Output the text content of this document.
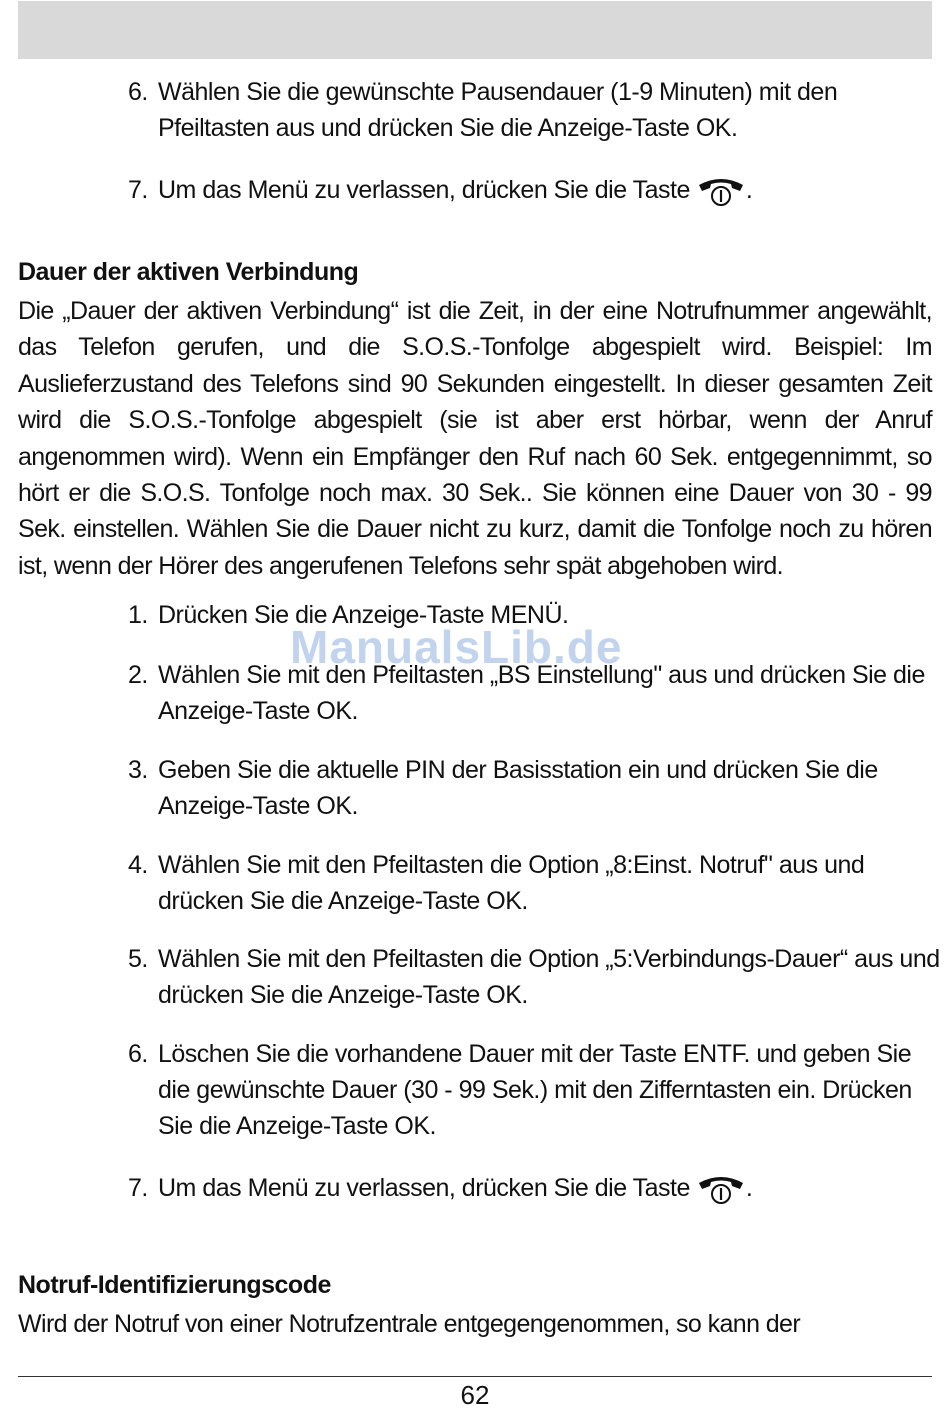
6. Wählen Sie die gewünschte Pausendauer (1-9 Minuten) mit den Pfeiltasten aus und drücken Sie die Anzeige-Taste OK.
7. Um das Menü zu verlassen, drücken Sie die Taste .
Dauer der aktiven Verbindung
Die „Dauer der aktiven Verbindung“ ist die Zeit, in der eine Notrufnummer angewählt, das Telefon gerufen, und die S.O.S.-Tonfolge abgespielt wird. Beispiel: Im Auslieferzustand des Telefons sind 90 Sekunden eingestellt. In dieser gesamten Zeit wird die S.O.S.-Tonfolge abgespielt (sie ist aber erst hörbar, wenn der Anruf angenommen wird). Wenn ein Empfänger den Ruf nach 60 Sek. entgegennimmt, so hört er die S.O.S. Tonfolge noch max. 30 Sek.. Sie können eine Dauer von 30 - 99 Sek. einstellen. Wählen Sie die Dauer nicht zu kurz, damit die Tonfolge noch zu hören ist, wenn der Hörer des angerufenen Telefons sehr spät abgehoben wird.
1. Drücken Sie die Anzeige-Taste MENÜ.
2. Wählen Sie mit den Pfeiltasten „BS Einstellung" aus und drücken Sie die Anzeige-Taste OK.
3. Geben Sie die aktuelle PIN der Basisstation ein und drücken Sie die Anzeige-Taste OK.
4. Wählen Sie mit den Pfeiltasten die Option „8:Einst. Notruf" aus und drücken Sie die Anzeige-Taste OK.
5. Wählen Sie mit den Pfeiltasten die Option „5:Verbindungs-Dauer“ aus und drücken Sie die Anzeige-Taste OK.
6. Löschen Sie die vorhandene Dauer mit der Taste ENTF. und geben Sie die gewünschte Dauer (30 - 99 Sek.) mit den Zifferntasten ein. Drücken Sie die Anzeige-Taste OK.
7. Um das Menü zu verlassen, drücken Sie die Taste .
Notruf-Identifizierungscode
Wird der Notruf von einer Notrufzentrale entgegengenommen, so kann der
ManualsLib.de
62
